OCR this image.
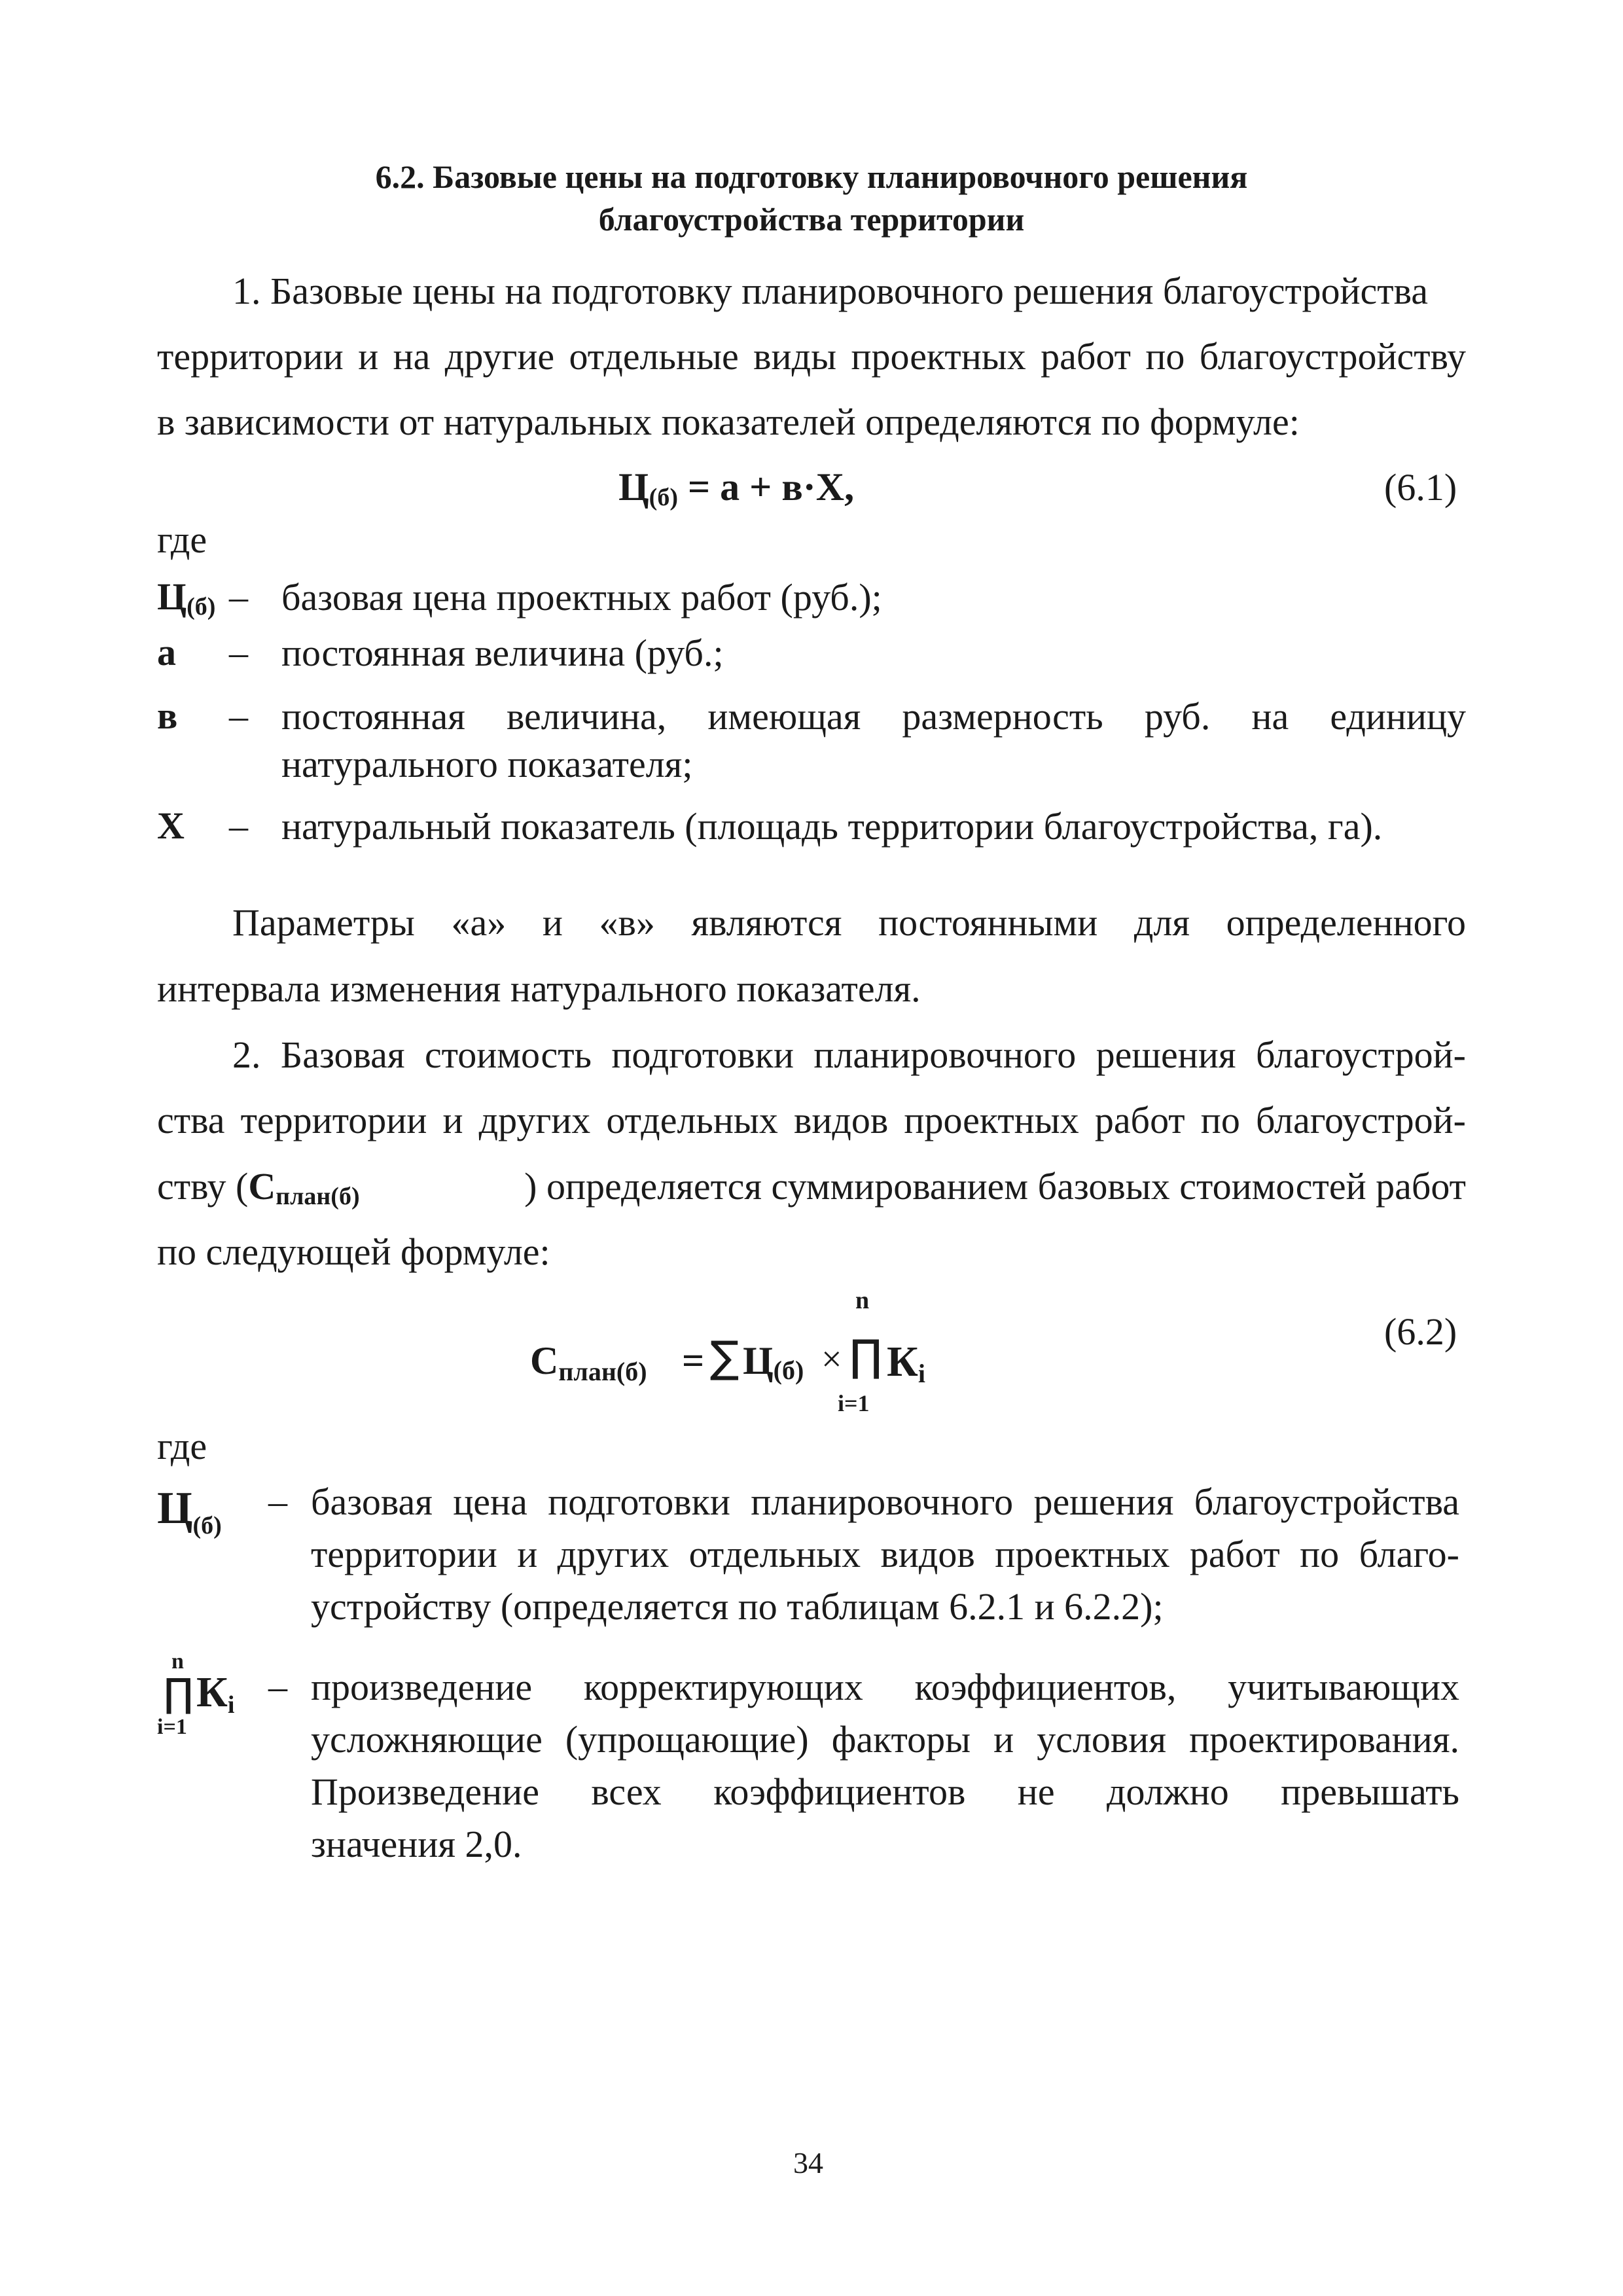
6.2. Базовые цены на подготовку планировочного решения
благоустройства территории
1. Базовые цены на подготовку планировочного решения благоустройства
территории и на другие отдельные виды проектных работ по благоустройству
в зависимости от натуральных показателей определяются по формуле:
$Ц_{(б)} = а + в\cdot Х$,	(6.1)
где
$Ц_{(б)}$ – базовая цена проектных работ (руб.);
а – постоянная величина (руб.;
в – постоянная величина, имеющая размерность руб. на единицу
натурального показателя;
Х – натуральный показатель (площадь территории благоустройства, га).
Параметры «а» и «в» являются постоянными для определенного
интервала изменения натурального показателя.
2. Базовая стоимость подготовки планировочного решения благоустрой-
ства территории и других отдельных видов проектных работ по благоустрой-
ству ($С_{план(б)}$	) определяется суммированием базовых стоимостей работ
по следующей формуле:
$С_{план(б)}$ = ∑ $Ц_{(б)}$ ×
n
∏
i=1
$К_i$
(6.2)
где
Ц(б)
– базовая цена подготовки планировочного решения благоустройства
территории и других отдельных видов проектных работ по благо-
устройству (определяется по таблицам 6.2.1 и 6.2.2);
n
∏
i=1
Кi – произведение корректирующих коэффициентов, учитывающих
усложняющие (упрощающие) факторы и условия проектирования.
Произведение всех коэффициентов не должно превышать
значения 2,0.
34
